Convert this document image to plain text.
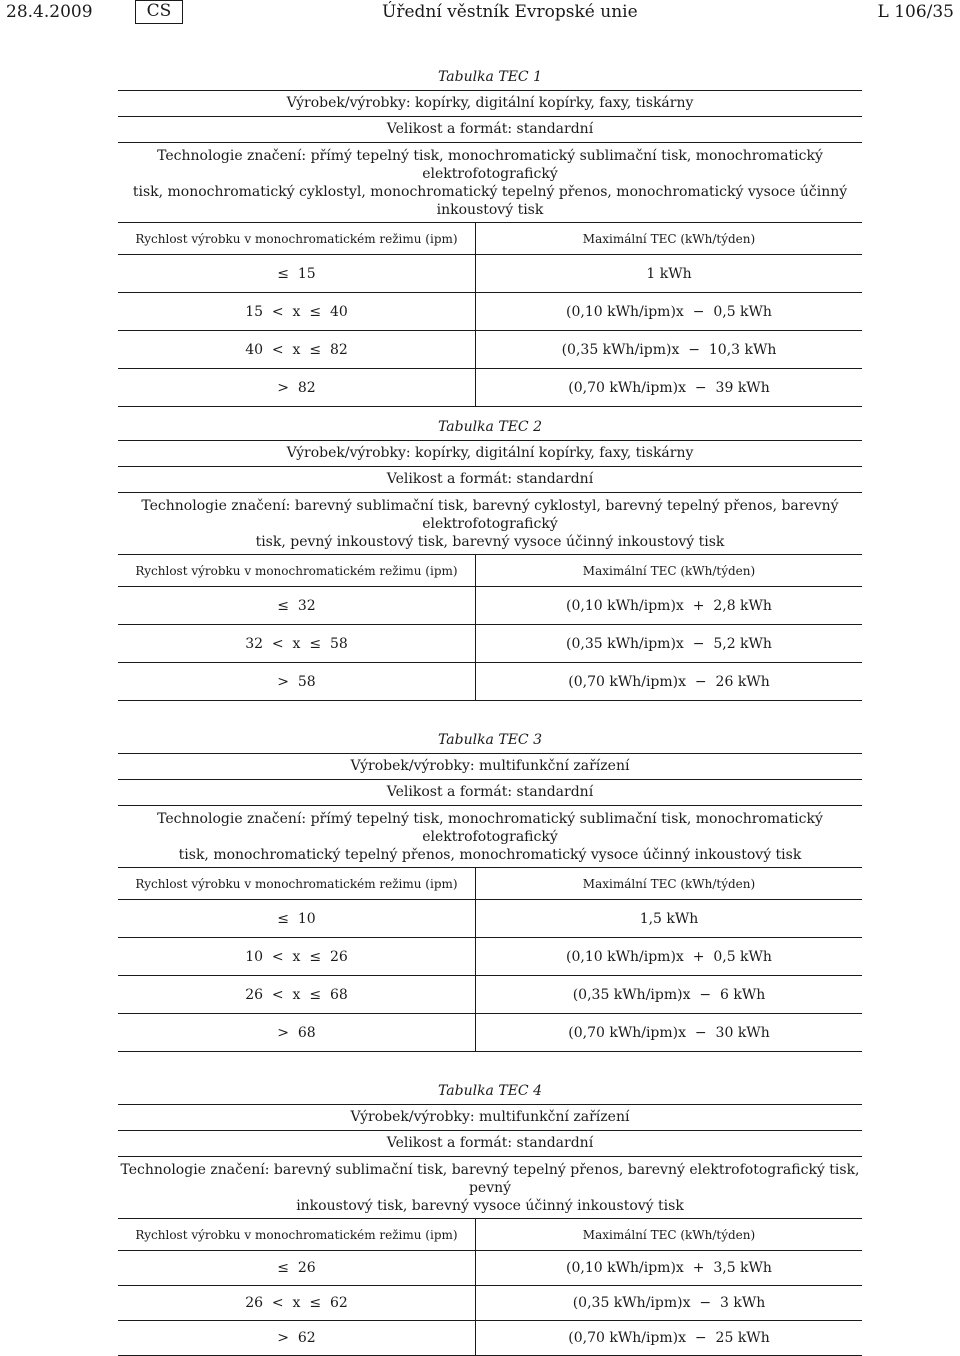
28.4.2009	CS	Úřední věstník Evropské unie	L 106/35
Tabulka TEC 1
Výrobek/výrobky: kopírky, digitální kopírky, faxy, tiskárny
Velikost a formát: standardní
Technologie značení: přímý tepelný tisk, monochromatický sublimační tisk, monochromatický elektrofotografický
tisk, monochromatický cyklostyl, monochromatický tepelný přenos, monochromatický vysoce účinný inkoustový tisk
Rychlost výrobku v monochromatickém režimu (ipm)	Maximální TEC (kWh/týden)
≤  15	1 kWh
15  <  x  ≤  40	(0,10 kWh/ipm)x  −  0,5 kWh
40  <  x  ≤  82	(0,35 kWh/ipm)x  −  10,3 kWh
>  82	(0,70 kWh/ipm)x  −  39 kWh
Tabulka TEC 2
Výrobek/výrobky: kopírky, digitální kopírky, faxy, tiskárny
Velikost a formát: standardní
Technologie značení: barevný sublimační tisk, barevný cyklostyl, barevný tepelný přenos, barevný elektrofotografický
tisk, pevný inkoustový tisk, barevný vysoce účinný inkoustový tisk
Rychlost výrobku v monochromatickém režimu (ipm)	Maximální TEC (kWh/týden)
≤  32	(0,10 kWh/ipm)x  +  2,8 kWh
32  <  x  ≤  58	(0,35 kWh/ipm)x  −  5,2 kWh
>  58	(0,70 kWh/ipm)x  −  26 kWh
Tabulka TEC 3
Výrobek/výrobky: multifunkční zařízení
Velikost a formát: standardní
Technologie značení: přímý tepelný tisk, monochromatický sublimační tisk, monochromatický elektrofotografický
tisk, monochromatický tepelný přenos, monochromatický vysoce účinný inkoustový tisk
Rychlost výrobku v monochromatickém režimu (ipm)	Maximální TEC (kWh/týden)
≤  10	1,5 kWh
10  <  x  ≤  26	(0,10 kWh/ipm)x  +  0,5 kWh
26  <  x  ≤  68	(0,35 kWh/ipm)x  −  6 kWh
>  68	(0,70 kWh/ipm)x  −  30 kWh
Tabulka TEC 4
Výrobek/výrobky: multifunkční zařízení
Velikost a formát: standardní
Technologie značení: barevný sublimační tisk, barevný tepelný přenos, barevný elektrofotografický tisk, pevný
inkoustový tisk, barevný vysoce účinný inkoustový tisk
Rychlost výrobku v monochromatickém režimu (ipm)	Maximální TEC (kWh/týden)
≤  26	(0,10 kWh/ipm)x  +  3,5 kWh
26  <  x  ≤  62	(0,35 kWh/ipm)x  −  3 kWh
>  62	(0,70 kWh/ipm)x  −  25 kWh
